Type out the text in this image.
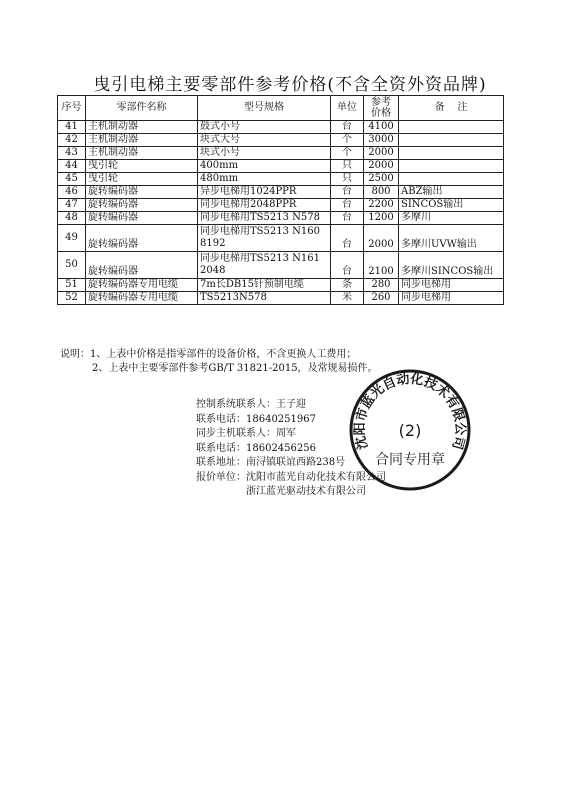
曳引电梯主要零部件参考价格(不含全资外资品牌)
序号	零部件名称	型号规格	单位	参考价格	备    注
41	主机制动器	鼓式小号	台	4100	
42	主机制动器	块式大号	个	3000	
43	主机制动器	块式小号	个	2000	
44	曳引轮	400mm	只	2000	
45	曳引轮	480mm	只	2500	
46	旋转编码器	异步电梯用1024PPR	台	800	ABZ输出
47	旋转编码器	同步电梯用2048PPR	台	2200	SINCOS输出
48	旋转编码器	同步电梯用TS5213 N578	台	1200	多摩川
49	旋转编码器	同步电梯用TS5213 N160 8192	台	2000	多摩川UVW输出
50	旋转编码器	同步电梯用TS5213 N161 2048	台	2100	多摩川SINCOS输出
51	旋转编码器专用电缆	7m长DB15针预制电缆	条	280	同步电梯用
52	旋转编码器专用电缆	TS5213N578	米	260	同步电梯用
说明：1、上表中价格是指零部件的设备价格，不含更换人工费用；
2、上表中主要零部件参考GB/T 31821-2015，及常规易损件。
控制系统联系人：王子迎
联系电话：18640251967
同步主机联系人：周军
联系电话：18602456256
联系地址：南浔镇联谊西路238号
报价单位：沈阳市蓝光自动化技术有限公司
浙江蓝光驱动技术有限公司
沈阳市蓝光自动化技术有限公司
(2)
合同专用章
